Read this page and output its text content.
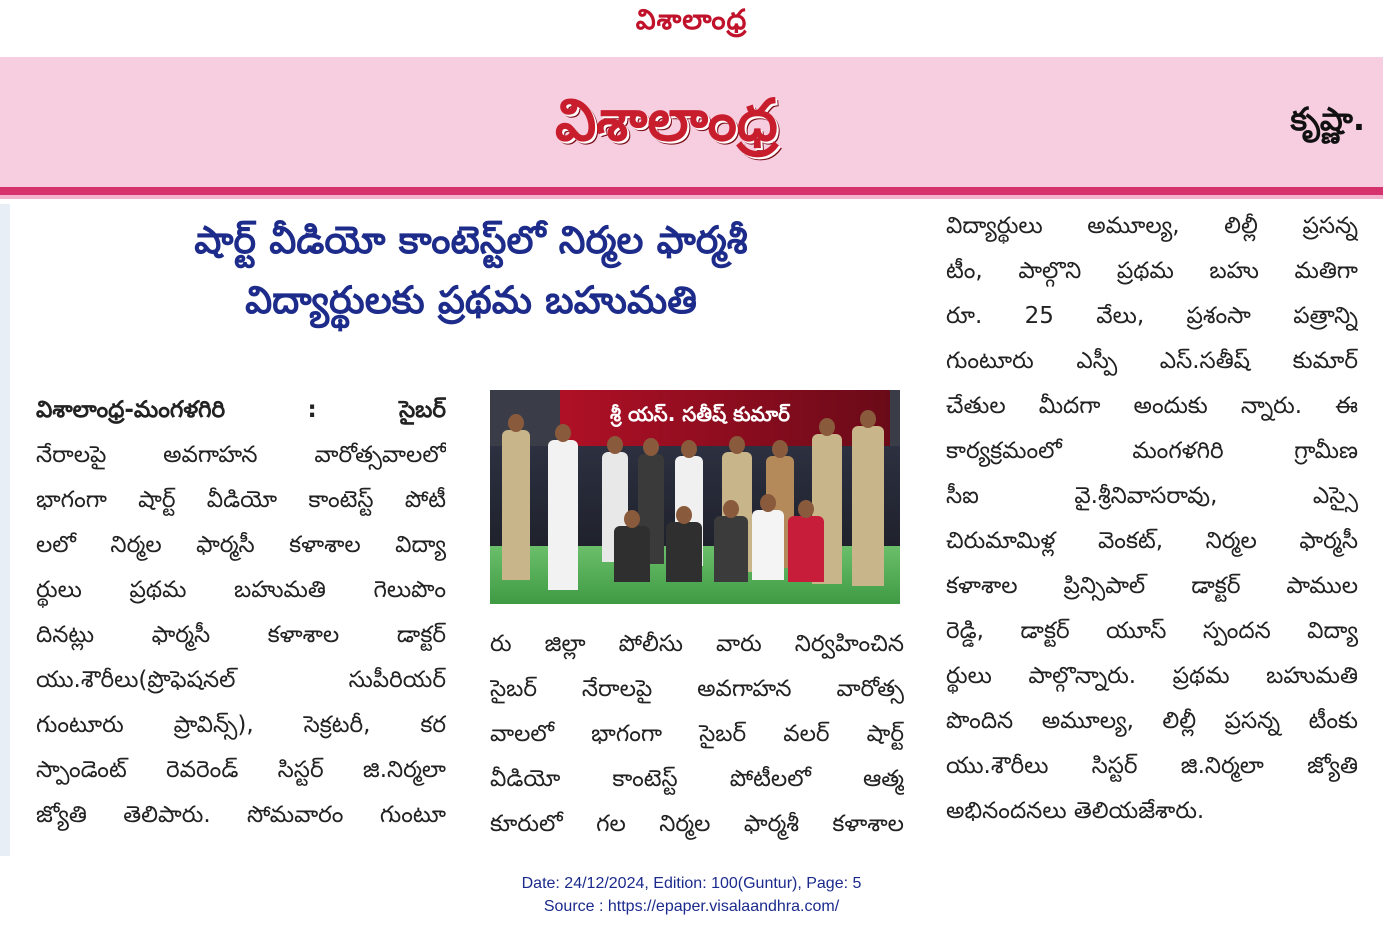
విశాలాంధ్ర
విశాలాంధ్ర	కృష్ణా.
షార్ట్ వీడియో కాంటెస్ట్‌లో నిర్మల ఫార్మశీ
విద్యార్థులకు ప్రథమ బహుమతి
విశాలాంధ్ర-మంగళగిరి : సైబర్
నేరాలపై అవగాహన వారోత్సవాలలో
భాగంగా షార్ట్ వీడియో కాంటెస్ట్ పోటీ
లలో నిర్మల ఫార్మసీ కళాశాల విద్యా
ర్థులు ప్రథమ బహుమతి గెలుపొం
దినట్లు ఫార్మసీ కళాశాల డాక్టర్
యు.శౌరీలు(ప్రొఫెషనల్ సుపీరియర్
గుంటూరు ప్రావిన్స్), సెక్రటరీ, కర
స్పాండెంట్ రెవరెండ్ సిస్టర్ జి.నిర్మలా
జ్యోతి తెలిపారు. సోమవారం గుంటూ
శ్రీ యస్. సతీష్ కుమార్
రు జిల్లా పోలీసు వారు నిర్వహించిన
సైబర్ నేరాలపై అవగాహన వారోత్స
వాలలో భాగంగా సైబర్ వలర్ షార్ట్
వీడియో కాంటెస్ట్ పోటీలలో ఆత్మ
కూరులో గల నిర్మల ఫార్మశీ కళాశాల
విద్యార్థులు అమూల్య, లిల్లీ ప్రసన్న
టీం, పాల్గొని ప్రథమ బహు మతిగా
రూ. 25 వేలు, ప్రశంసా పత్రాన్ని
గుంటూరు ఎస్పీ ఎస్.సతీష్ కుమార్
చేతుల మీదగా అందుకు న్నారు. ఈ
కార్యక్రమంలో మంగళగిరి గ్రామీణ
సీఐ వై.శ్రీనివాసరావు, ఎస్సై
చిరుమామిళ్ల వెంకట్, నిర్మల ఫార్మసీ
కళాశాల ప్రిన్సిపాల్ డాక్టర్ పాముల
రెడ్డి, డాక్టర్ యూస్ స్పందన విద్యా
ర్థులు పాల్గొన్నారు. ప్రథమ బహుమతి
పొందిన అమూల్య, లిల్లీ ప్రసన్న టీంకు
యు.శౌరీలు సిస్టర్ జి.నిర్మలా జ్యోతి
అభినందనలు తెలియజేశారు.
Date: 24/12/2024, Edition: 100(Guntur), Page: 5
Source : https://epaper.visalaandhra.com/
